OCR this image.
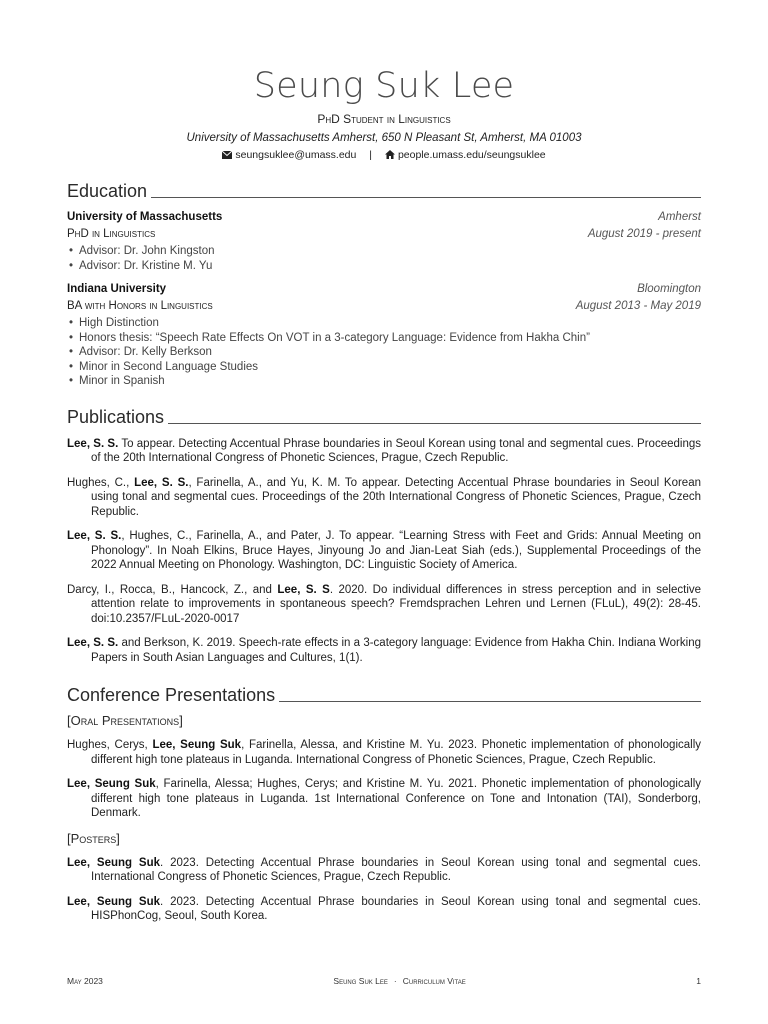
Seung Suk Lee
PhD Student in Linguistics
University of Massachusetts Amherst, 650 N Pleasant St, Amherst, MA 01003
seungsuklee@umass.edu | people.umass.edu/seungsuklee
Education
University of Massachusetts	Amherst
PhD in Linguistics	August 2019 - present
• Advisor: Dr. John Kingston
• Advisor: Dr. Kristine M. Yu
Indiana University	Bloomington
BA with Honors in Linguistics	August 2013 - May 2019
• High Distinction
• Honors thesis: “Speech Rate Effects On VOT in a 3-category Language: Evidence from Hakha Chin”
• Advisor: Dr. Kelly Berkson
• Minor in Second Language Studies
• Minor in Spanish
Publications
Lee, S. S. To appear. Detecting Accentual Phrase boundaries in Seoul Korean using tonal and segmental cues. Proceedings of the 20th International Congress of Phonetic Sciences, Prague, Czech Republic.
Hughes, C., Lee, S. S., Farinella, A., and Yu, K. M. To appear. Detecting Accentual Phrase boundaries in Seoul Korean using tonal and segmental cues. Proceedings of the 20th International Congress of Phonetic Sciences, Prague, Czech Republic.
Lee, S. S., Hughes, C., Farinella, A., and Pater, J. To appear. “Learning Stress with Feet and Grids: Annual Meeting on Phonology”. In Noah Elkins, Bruce Hayes, Jinyoung Jo and Jian-Leat Siah (eds.), Supplemental Proceedings of the 2022 Annual Meeting on Phonology. Washington, DC: Linguistic Society of America.
Darcy, I., Rocca, B., Hancock, Z., and Lee, S. S. 2020. Do individual differences in stress perception and in selective attention relate to improvements in spontaneous speech? Fremdsprachen Lehren und Lernen (FLuL), 49(2): 28-45. doi:10.2357/FLuL-2020-0017
Lee, S. S. and Berkson, K. 2019. Speech-rate effects in a 3-category language: Evidence from Hakha Chin. Indiana Working Papers in South Asian Languages and Cultures, 1(1).
Conference Presentations
[Oral Presentations]
Hughes, Cerys, Lee, Seung Suk, Farinella, Alessa, and Kristine M. Yu. 2023. Phonetic implementation of phonologically different high tone plateaus in Luganda. International Congress of Phonetic Sciences, Prague, Czech Republic.
Lee, Seung Suk, Farinella, Alessa; Hughes, Cerys; and Kristine M. Yu. 2021. Phonetic implementation of phonologically different high tone plateaus in Luganda. 1st International Conference on Tone and Intonation (TAI), Sonderborg, Denmark.
[Posters]
Lee, Seung Suk. 2023. Detecting Accentual Phrase boundaries in Seoul Korean using tonal and segmental cues. International Congress of Phonetic Sciences, Prague, Czech Republic.
Lee, Seung Suk. 2023. Detecting Accentual Phrase boundaries in Seoul Korean using tonal and segmental cues. HISPhonCog, Seoul, South Korea.
May 2023	Seung Suk Lee · Curriculum Vitae	1
